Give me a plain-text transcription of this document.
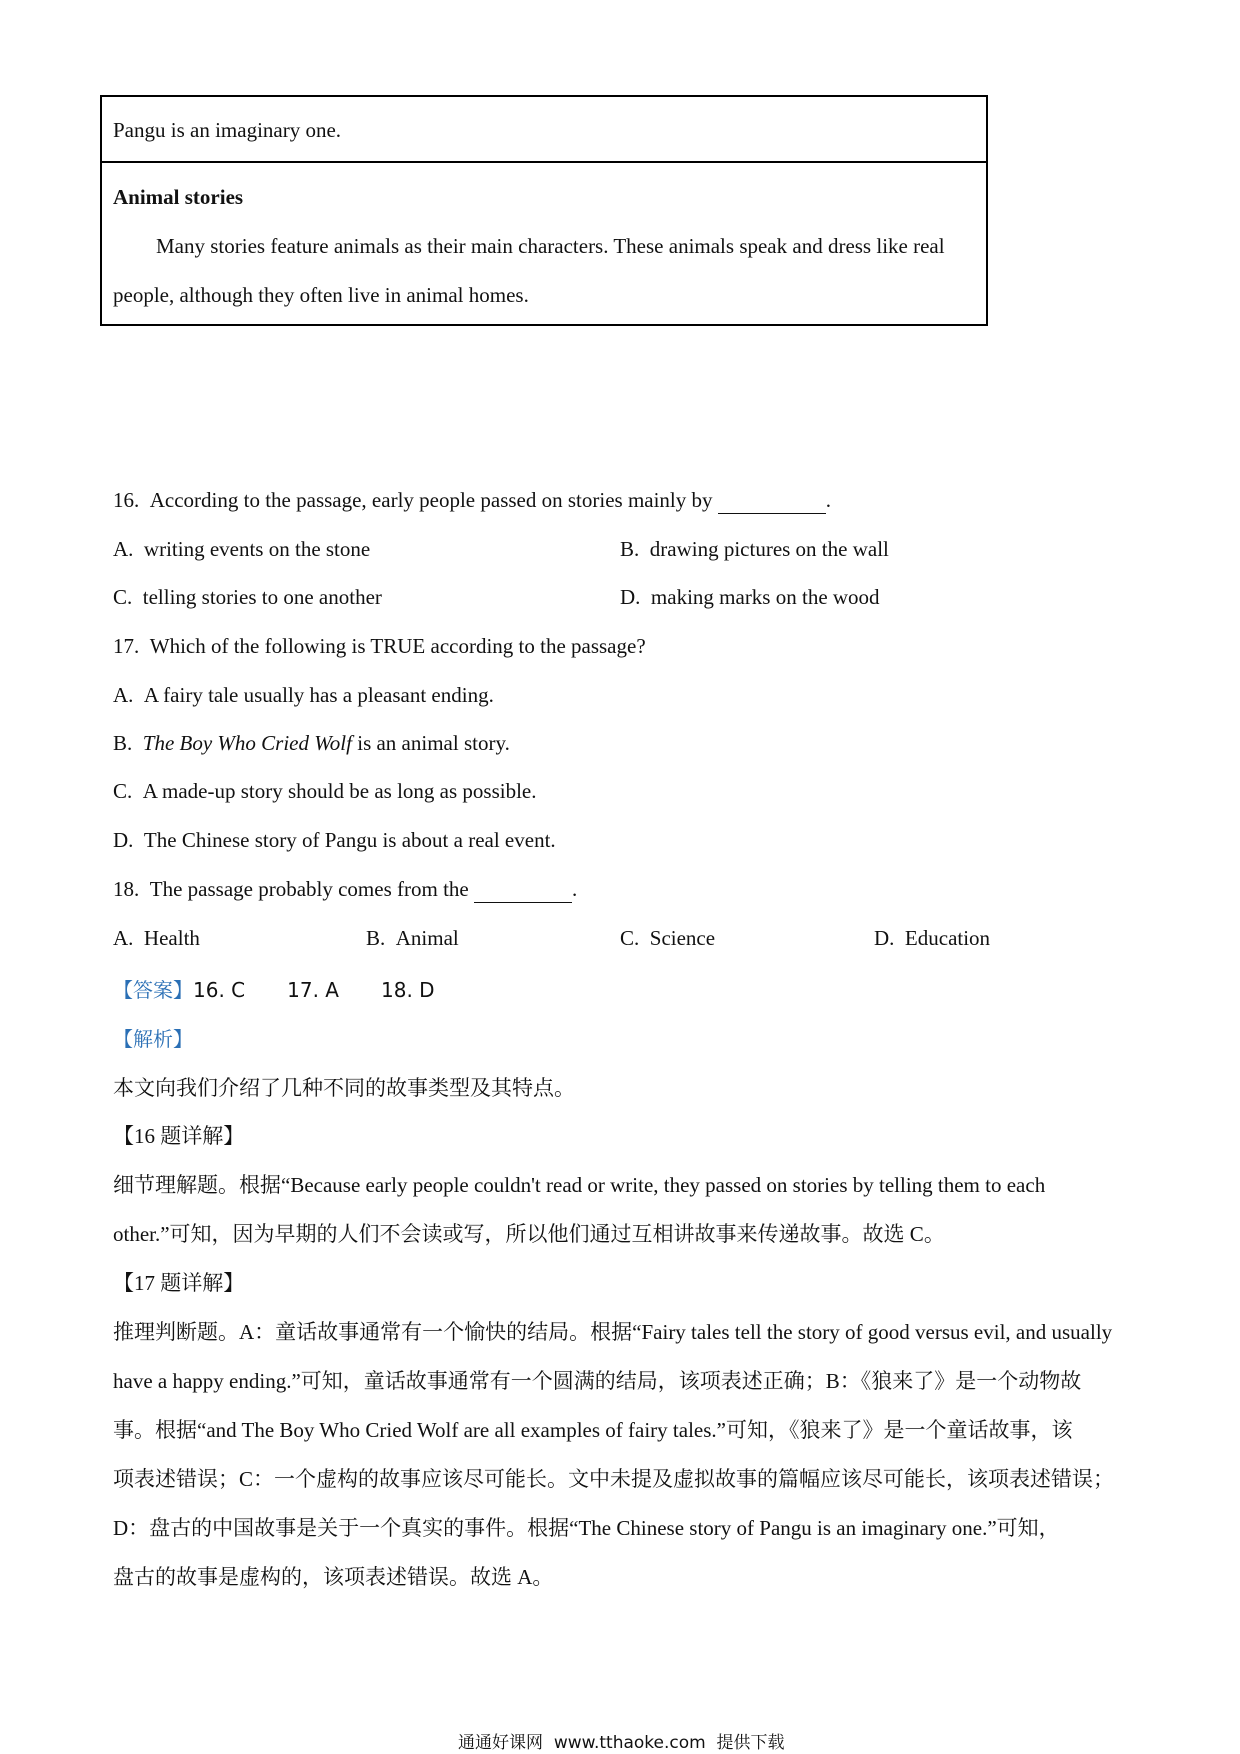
Pangu is an imaginary one.
Animal stories
Many stories feature animals as their main characters. These animals speak and dress like real
people, although they often live in animal homes.
16. According to the passage, early people passed on stories mainly by	.
A. writing events on the stone	B. drawing pictures on the wall
C. telling stories to one another	D. making marks on the wood
17. Which of the following is TRUE according to the passage?
A. A fairy tale usually has a pleasant ending.
B. The Boy Who Cried Wolf is an animal story.
C. A made-up story should be as long as possible.
D. The Chinese story of Pangu is about a real event.
18. The passage probably comes from the	.
A. Health	B. Animal	C. Science	D. Education
【答案】16. C 17. A 18. D
【解析】
本文向我们介绍了几种不同的故事类型及其特点。
【16 题详解】
细节理解题。根据“Because early people couldn't read or write, they passed on stories by telling them to each
other.”可知，因为早期的人们不会读或写，所以他们通过互相讲故事来传递故事。故选 C。
【17 题详解】
推理判断题。A：童话故事通常有一个愉快的结局。根据“Fairy tales tell the story of good versus evil, and usually
have a happy ending.”可知，童话故事通常有一个圆满的结局，该项表述正确；B：《狼来了》是一个动物故
事。根据“and The Boy Who Cried Wolf are all examples of fairy tales.”可知，《狼来了》是一个童话故事，该
项表述错误；C：一个虚构的故事应该尽可能长。文中未提及虚拟故事的篇幅应该尽可能长，该项表述错误；
D：盘古的中国故事是关于一个真实的事件。根据“The Chinese story of Pangu is an imaginary one.”可知，
盘古的故事是虚构的，该项表述错误。故选 A。
通通好课网 www.tthaoke.com 提供下载
